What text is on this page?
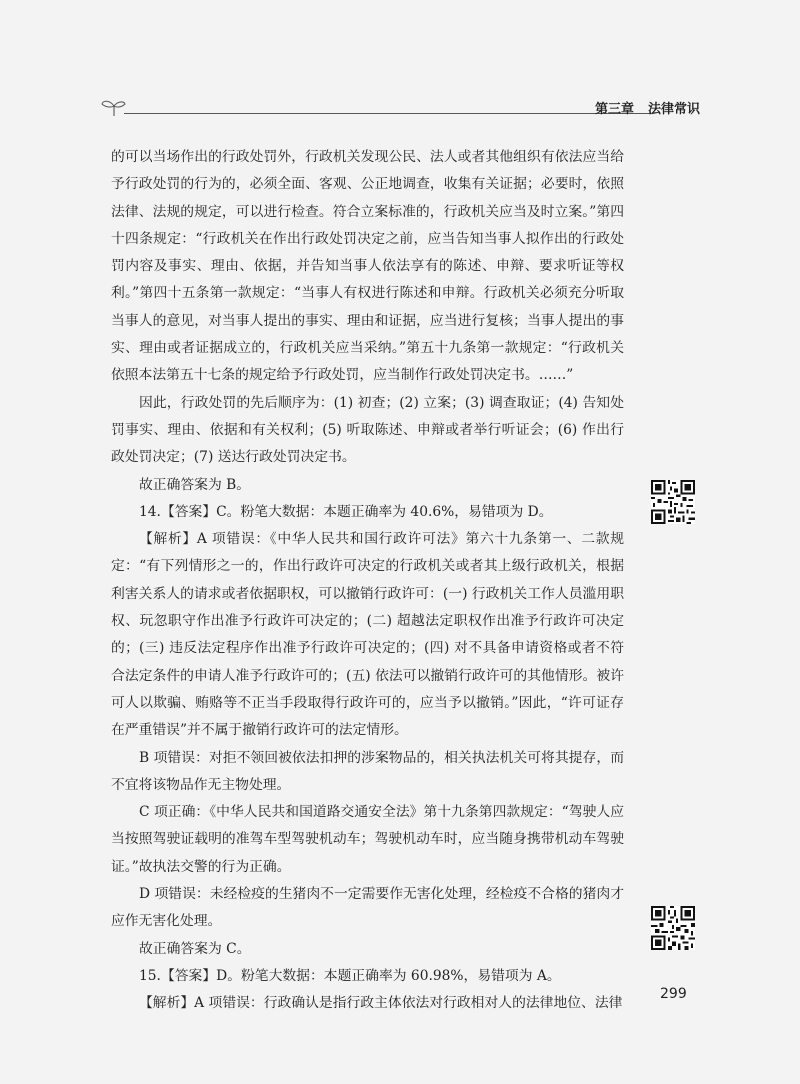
第三章 法律常识

的可以当场作出的行政处罚外，行政机关发现公民、法人或者其他组织有依法应当给予行政处罚的行为的，必须全面、客观、公正地调查，收集有关证据；必要时，依照法律、法规的规定，可以进行检查。符合立案标准的，行政机关应当及时立案。”第四十四条规定：“行政机关在作出行政处罚决定之前，应当告知当事人拟作出的行政处罚内容及事实、理由、依据，并告知当事人依法享有的陈述、申辩、要求听证等权利。”第四十五条第一款规定：“当事人有权进行陈述和申辩。行政机关必须充分听取当事人的意见，对当事人提出的事实、理由和证据，应当进行复核；当事人提出的事实、理由或者证据成立的，行政机关应当采纳。”第五十九条第一款规定：“行政机关依照本法第五十七条的规定给予行政处罚，应当制作行政处罚决定书。……”

因此，行政处罚的先后顺序为：(1) 初查；(2) 立案；(3) 调查取证；(4) 告知处罚事实、理由、依据和有关权利；(5) 听取陈述、申辩或者举行听证会；(6) 作出行政处罚决定；(7) 送达行政处罚决定书。

故正确答案为 B。

14.【答案】C。粉笔大数据：本题正确率为 40.6%，易错项为 D。

【解析】A 项错误：《中华人民共和国行政许可法》第六十九条第一、二款规定：“有下列情形之一的，作出行政许可决定的行政机关或者其上级行政机关，根据利害关系人的请求或者依据职权，可以撤销行政许可：(一) 行政机关工作人员滥用职权、玩忽职守作出准予行政许可决定的；(二) 超越法定职权作出准予行政许可决定的；(三) 违反法定程序作出准予行政许可决定的；(四) 对不具备申请资格或者不符合法定条件的申请人准予行政许可的；(五) 依法可以撤销行政许可的其他情形。被许可人以欺骗、贿赂等不正当手段取得行政许可的，应当予以撤销。”因此，“许可证存在严重错误”并不属于撤销行政许可的法定情形。

B 项错误：对拒不领回被依法扣押的涉案物品的，相关执法机关可将其提存，而不宜将该物品作无主物处理。

C 项正确：《中华人民共和国道路交通安全法》第十九条第四款规定：“驾驶人应当按照驾驶证载明的准驾车型驾驶机动车；驾驶机动车时，应当随身携带机动车驾驶证。”故执法交警的行为正确。

D 项错误：未经检疫的生猪肉不一定需要作无害化处理，经检疫不合格的猪肉才应作无害化处理。

故正确答案为 C。

15.【答案】D。粉笔大数据：本题正确率为 60.98%，易错项为 A。

【解析】A 项错误：行政确认是指行政主体依法对行政相对人的法律地位、法律

299
